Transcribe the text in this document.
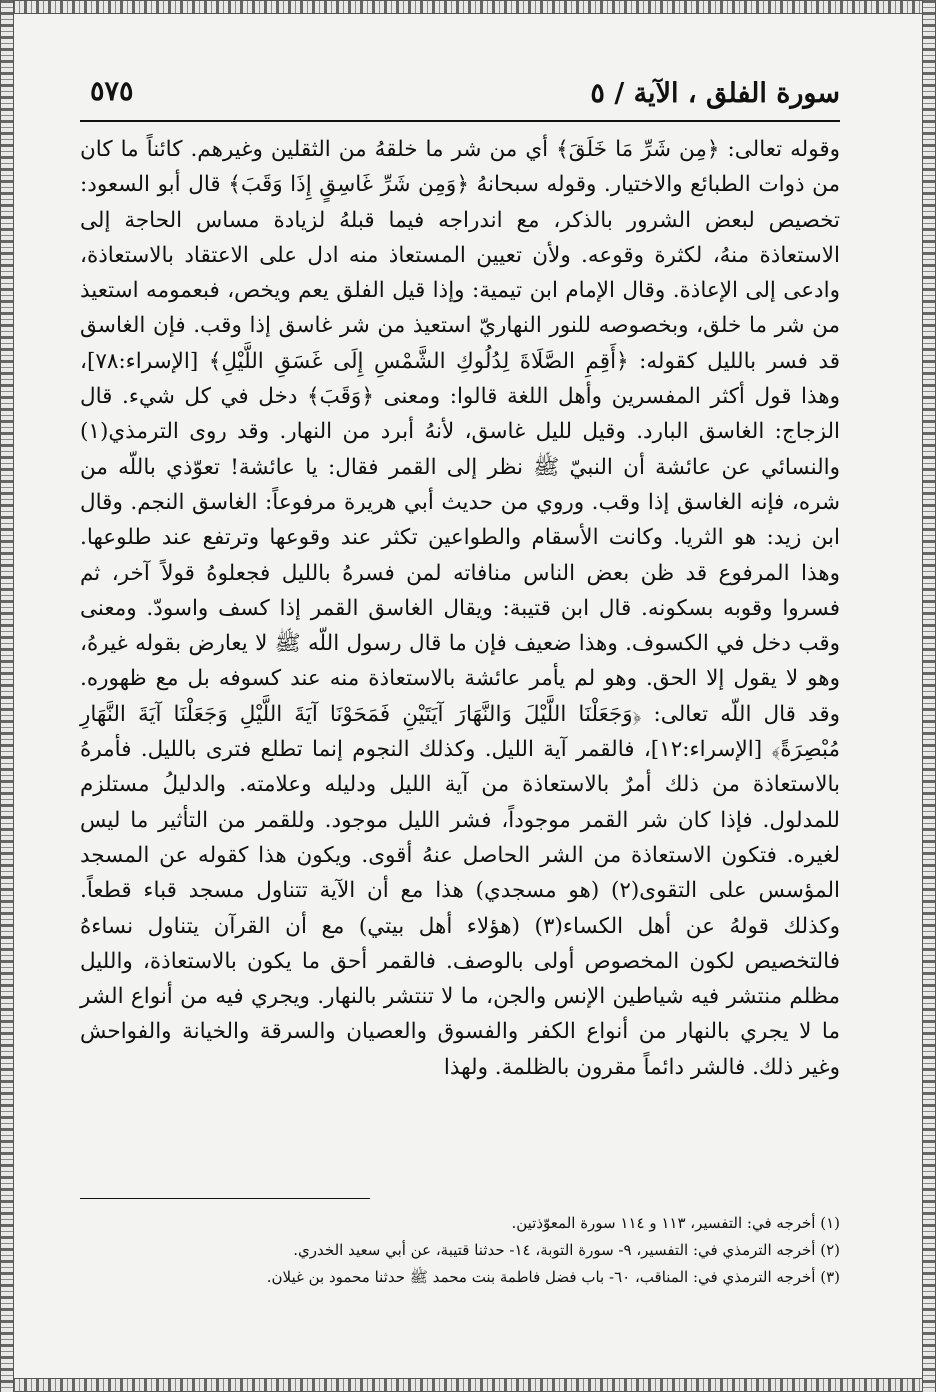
سورة الفلق ، الآية / ٥
٥٧٥

وقوله تعالى: ﴿مِن شَرِّ مَا خَلَقَ﴾ أي من شر ما خلقهُ من الثقلين وغيرهم. كائناً ما كان من ذوات الطبائع والاختيار. وقوله سبحانهُ ﴿وَمِن شَرِّ غَاسِقٍ إِذَا وَقَبَ﴾ قال أبو السعود: تخصيص لبعض الشرور بالذكر، مع اندراجه فيما قبلهُ لزيادة مساس الحاجة إلى الاستعاذة منهُ، لكثرة وقوعه. ولأن تعيين المستعاذ منه ادل على الاعتقاد بالاستعاذة، وادعى إلى الإعاذة. وقال الإمام ابن تيمية: وإذا قيل الفلق يعم ويخص، فبعمومه استعيذ من شر ما خلق، وبخصوصه للنور النهاريّ استعيذ من شر غاسق إذا وقب. فإن الغاسق قد فسر بالليل كقوله: ﴿أَقِمِ الصَّلَاةَ لِدُلُوكِ الشَّمْسِ إِلَى غَسَقِ اللَّيْلِ﴾ [الإسراء:٧٨]، وهذا قول أكثر المفسرين وأهل اللغة قالوا: ومعنى ﴿وَقَبَ﴾ دخل في كل شيء. قال الزجاج: الغاسق البارد. وقيل لليل غاسق، لأنهُ أبرد من النهار. وقد روى الترمذي(١) والنسائي عن عائشة أن النبيّ ﷺ نظر إلى القمر فقال: يا عائشة! تعوّذي باللّه من شره، فإنه الغاسق إذا وقب. وروي من حديث أبي هريرة مرفوعاً: الغاسق النجم. وقال ابن زيد: هو الثريا. وكانت الأسقام والطواعين تكثر عند وقوعها وترتفع عند طلوعها. وهذا المرفوع قد ظن بعض الناس منافاته لمن فسرهُ بالليل فجعلوهُ قولاً آخر، ثم فسروا وقوبه بسكونه. قال ابن قتيبة: ويقال الغاسق القمر إذا كسف واسودّ. ومعنى وقب دخل في الكسوف. وهذا ضعيف فإن ما قال رسول اللّه ﷺ لا يعارض بقوله غيرهُ، وهو لا يقول إلا الحق. وهو لم يأمر عائشة بالاستعاذة منه عند كسوفه بل مع ظهوره. وقد قال اللّه تعالى: ﴿وَجَعَلْنَا اللَّيْلَ وَالنَّهَارَ آيَتَيْنِ فَمَحَوْنَا آيَةَ اللَّيْلِ وَجَعَلْنَا آيَةَ النَّهَارِ مُبْصِرَةً﴾ [الإسراء:١٢]، فالقمر آية الليل. وكذلك النجوم إنما تطلع فترى بالليل. فأمرهُ بالاستعاذة من ذلك أمرٌ بالاستعاذة من آية الليل ودليله وعلامته. والدليلُ مستلزم للمدلول. فإذا كان شر القمر موجوداً، فشر الليل موجود. وللقمر من التأثير ما ليس لغيره. فتكون الاستعاذة من الشر الحاصل عنهُ أقوى. ويكون هذا كقوله عن المسجد المؤسس على التقوى(٢) (هو مسجدي) هذا مع أن الآية تتناول مسجد قباء قطعاً. وكذلك قولهُ عن أهل الكساء(٣) (هؤلاء أهل بيتي) مع أن القرآن يتناول نساءهُ فالتخصيص لكون المخصوص أولى بالوصف. فالقمر أحق ما يكون بالاستعاذة، والليل مظلم منتشر فيه شياطين الإنس والجن، ما لا تنتشر بالنهار. ويجري فيه من أنواع الشر ما لا يجري بالنهار من أنواع الكفر والفسوق والعصيان والسرقة والخيانة والفواحش وغير ذلك. فالشر دائماً مقرون بالظلمة. ولهذا

(١) أخرجه في: التفسير، ١١٣ و ١١٤ سورة المعوّذتين.
(٢) أخرجه الترمذي في: التفسير، ٩- سورة التوبة، ١٤- حدثنا قتيبة، عن أبي سعيد الخدري.
(٣) أخرجه الترمذي في: المناقب، ٦٠- باب فضل فاطمة بنت محمد ﷺ حدثنا محمود بن غيلان.
